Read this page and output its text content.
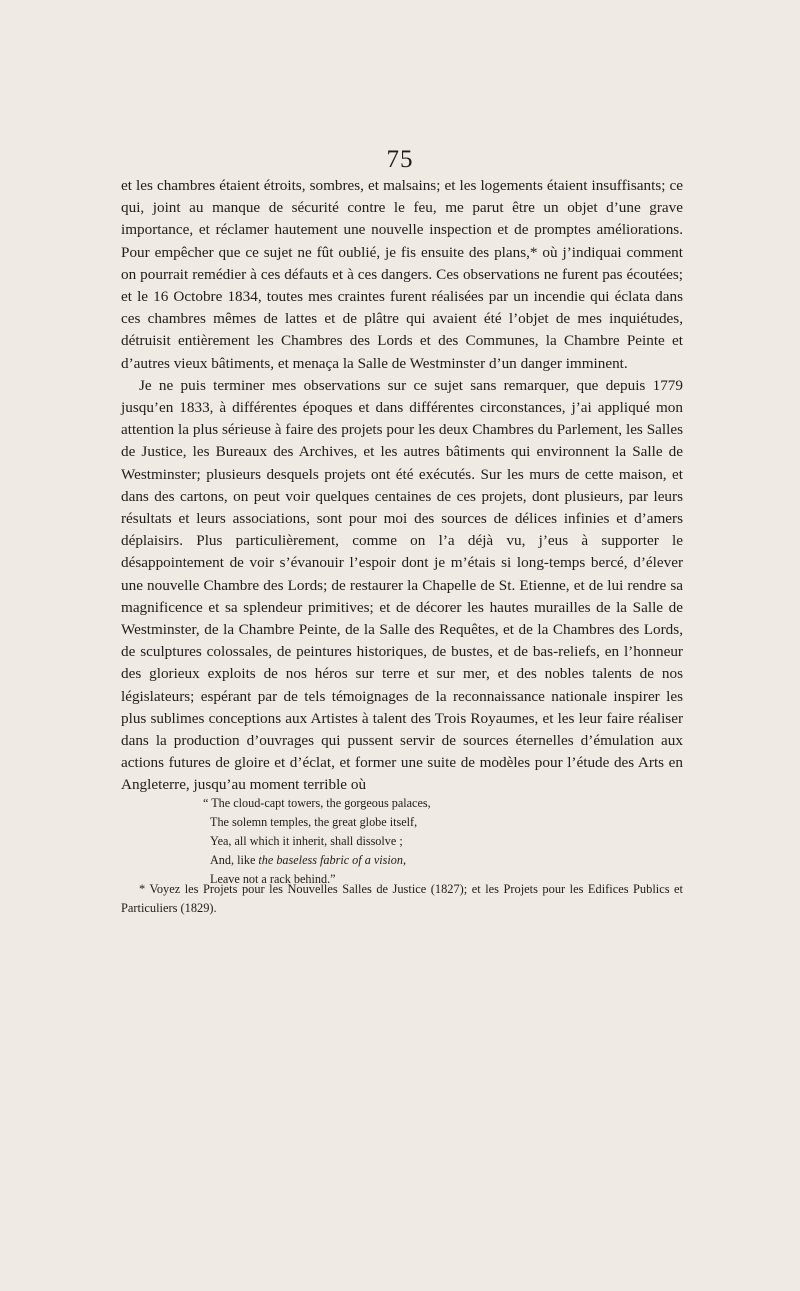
75

et les chambres étaient étroits, sombres, et malsains; et les logements étaient insuffisants; ce qui, joint au manque de sécurité contre le feu, me parut être un objet d’une grave importance, et réclamer hautement une nouvelle inspection et de promptes améliorations. Pour empêcher que ce sujet ne fût oublié, je fis ensuite des plans,* où j’indiquai comment on pourrait remédier à ces défauts et à ces dangers. Ces observations ne furent pas écoutées; et le 16 Octobre 1834, toutes mes craintes furent réalisées par un incendie qui éclata dans ces chambres mêmes de lattes et de plâtre qui avaient été l’objet de mes inquiétudes, détruisit entièrement les Chambres des Lords et des Communes, la Chambre Peinte et d’autres vieux bâtiments, et menaça la Salle de Westminster d’un danger imminent.

Je ne puis terminer mes observations sur ce sujet sans remarquer, que depuis 1779 jusqu’en 1833, à différentes époques et dans différentes circonstances, j’ai appliqué mon attention la plus sérieuse à faire des projets pour les deux Chambres du Parlement, les Salles de Justice, les Bureaux des Archives, et les autres bâtiments qui environnent la Salle de Westminster; plusieurs desquels projets ont été exécutés. Sur les murs de cette maison, et dans des cartons, on peut voir quelques centaines de ces projets, dont plusieurs, par leurs résultats et leurs associations, sont pour moi des sources de délices infinies et d’amers déplaisirs. Plus particulièrement, comme on l’a déjà vu, j’eus à supporter le désappointement de voir s’évanouir l’espoir dont je m’étais si long-temps bercé, d’élever une nouvelle Chambre des Lords; de restaurer la Chapelle de St. Etienne, et de lui rendre sa magnificence et sa splendeur primitives; et de décorer les hautes murailles de la Salle de Westminster, de la Chambre Peinte, de la Salle des Requêtes, et de la Chambres des Lords, de sculptures colossales, de peintures historiques, de bustes, et de bas-reliefs, en l’honneur des glorieux exploits de nos héros sur terre et sur mer, et des nobles talents de nos législateurs; espérant par de tels témoignages de la reconnaissance nationale inspirer les plus sublimes conceptions aux Artistes à talent des Trois Royaumes, et les leur faire réaliser dans la production d’ouvrages qui pussent servir de sources éternelles d’émulation aux actions futures de gloire et d’éclat, et former une suite de modèles pour l’étude des Arts en Angleterre, jusqu’au moment terrible où

“ The cloud-capt towers, the gorgeous palaces,
The solemn temples, the great globe itself,
Yea, all which it inherit, shall dissolve ;
And, like the baseless fabric of a vision,
Leave not a rack behind.”
* Voyez les Projets pour les Nouvelles Salles de Justice (1827); et les Projets pour les Edifices Publics et Particuliers (1829).
